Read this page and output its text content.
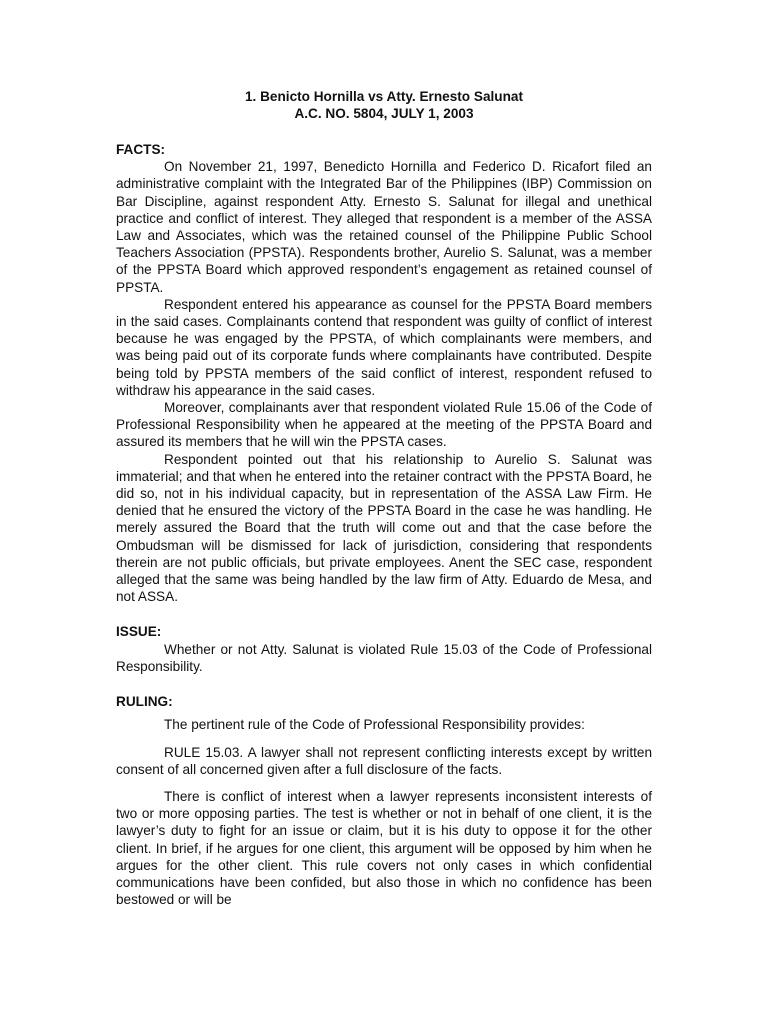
1. Benicto Hornilla vs Atty. Ernesto Salunat

A.C. NO. 5804, JULY 1, 2003

FACTS:

On November 21, 1997, Benedicto Hornilla and Federico D. Ricafort filed an administrative complaint with the Integrated Bar of the Philippines (IBP) Commission on Bar Discipline, against respondent Atty. Ernesto S. Salunat for illegal and unethical practice and conflict of interest. They alleged that respondent is a member of the ASSA Law and Associates, which was the retained counsel of the Philippine Public School Teachers Association (PPSTA). Respondents brother, Aurelio S. Salunat, was a member of the PPSTA Board which approved respondent’s engagement as retained counsel of PPSTA.

Respondent entered his appearance as counsel for the PPSTA Board members in the said cases. Complainants contend that respondent was guilty of conflict of interest because he was engaged by the PPSTA, of which complainants were members, and was being paid out of its corporate funds where complainants have contributed. Despite being told by PPSTA members of the said conflict of interest, respondent refused to withdraw his appearance in the said cases.

Moreover, complainants aver that respondent violated Rule 15.06 of the Code of Professional Responsibility when he appeared at the meeting of the PPSTA Board and assured its members that he will win the PPSTA cases.

Respondent pointed out that his relationship to Aurelio S. Salunat was immaterial; and that when he entered into the retainer contract with the PPSTA Board, he did so, not in his individual capacity, but in representation of the ASSA Law Firm. He denied that he ensured the victory of the PPSTA Board in the case he was handling. He merely assured the Board that the truth will come out and that the case before the Ombudsman will be dismissed for lack of jurisdiction, considering that respondents therein are not public officials, but private employees. Anent the SEC case, respondent alleged that the same was being handled by the law firm of Atty. Eduardo de Mesa, and not ASSA.

ISSUE:

Whether or not Atty. Salunat is violated Rule 15.03 of the Code of Professional Responsibility.

RULING:

The pertinent rule of the Code of Professional Responsibility provides:

RULE 15.03. A lawyer shall not represent conflicting interests except by written consent of all concerned given after a full disclosure of the facts.

There is conflict of interest when a lawyer represents inconsistent interests of two or more opposing parties. The test is whether or not in behalf of one client, it is the lawyer’s duty to fight for an issue or claim, but it is his duty to oppose it for the other client. In brief, if he argues for one client, this argument will be opposed by him when he argues for the other client. This rule covers not only cases in which confidential communications have been confided, but also those in which no confidence has been bestowed or will be
